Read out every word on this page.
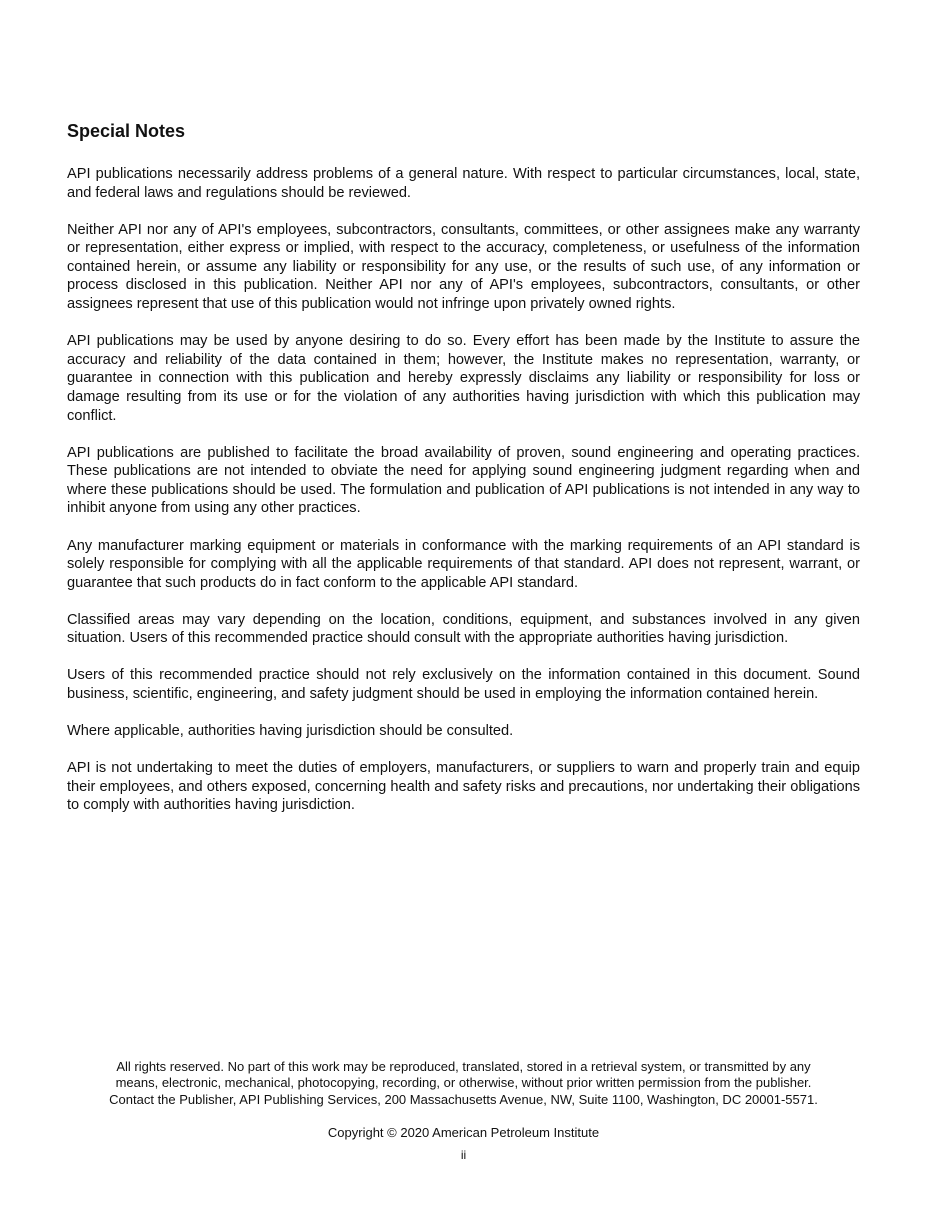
Special Notes

API publications necessarily address problems of a general nature. With respect to particular circumstances, local, state, and federal laws and regulations should be reviewed.

Neither API nor any of API's employees, subcontractors, consultants, committees, or other assignees make any warranty or representation, either express or implied, with respect to the accuracy, completeness, or usefulness of the information contained herein, or assume any liability or responsibility for any use, or the results of such use, of any information or process disclosed in this publication. Neither API nor any of API's employees, subcontractors, consultants, or other assignees represent that use of this publication would not infringe upon privately owned rights.

API publications may be used by anyone desiring to do so. Every effort has been made by the Institute to assure the accuracy and reliability of the data contained in them; however, the Institute makes no representation, warranty, or guarantee in connection with this publication and hereby expressly disclaims any liability or responsibility for loss or damage resulting from its use or for the violation of any authorities having jurisdiction with which this publication may conflict.

API publications are published to facilitate the broad availability of proven, sound engineering and operating practices. These publications are not intended to obviate the need for applying sound engineering judgment regarding when and where these publications should be used. The formulation and publication of API publications is not intended in any way to inhibit anyone from using any other practices.

Any manufacturer marking equipment or materials in conformance with the marking requirements of an API standard is solely responsible for complying with all the applicable requirements of that standard. API does not represent, warrant, or guarantee that such products do in fact conform to the applicable API standard.

Classified areas may vary depending on the location, conditions, equipment, and substances involved in any given situation. Users of this recommended practice should consult with the appropriate authorities having jurisdiction.

Users of this recommended practice should not rely exclusively on the information contained in this document. Sound business, scientific, engineering, and safety judgment should be used in employing the information contained herein.

Where applicable, authorities having jurisdiction should be consulted.

API is not undertaking to meet the duties of employers, manufacturers, or suppliers to warn and properly train and equip their employees, and others exposed, concerning health and safety risks and precautions, nor undertaking their obligations to comply with authorities having jurisdiction.

All rights reserved. No part of this work may be reproduced, translated, stored in a retrieval system, or transmitted by any

means, electronic, mechanical, photocopying, recording, or otherwise, without prior written permission from the publisher.

Contact the Publisher, API Publishing Services, 200 Massachusetts Avenue, NW, Suite 1100, Washington, DC 20001-5571.

Copyright © 2020 American Petroleum Institute

ii
